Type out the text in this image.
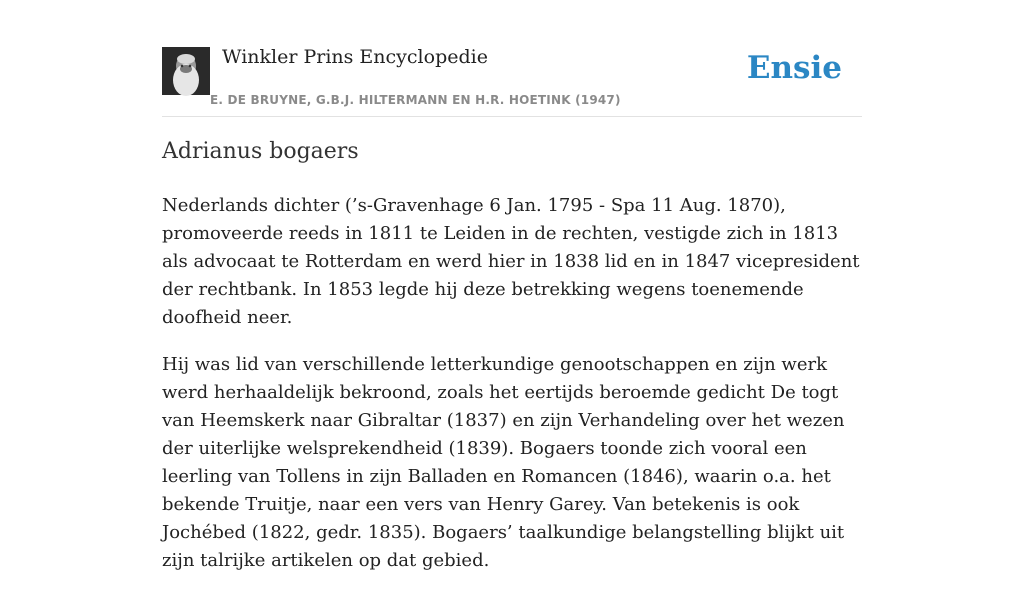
Winkler Prins Encyclopedie
E. DE BRUYNE, G.B.J. HILTERMANN EN H.R. HOETINK (1947)
Ensie
Adrianus bogaers

Nederlands dichter (’s-Gravenhage 6 Jan. 1795 - Spa 11 Aug. 1870), promoveerde reeds in 1811 te Leiden in de rechten, vestigde zich in 1813 als advocaat te Rotterdam en werd hier in 1838 lid en in 1847 vicepresident der rechtbank. In 1853 legde hij deze betrekking wegens toenemende doofheid neer.

Hij was lid van verschillende letterkundige genootschappen en zijn werk werd herhaaldelijk bekroond, zoals het eertijds beroemde gedicht De togt van Heemskerk naar Gibraltar (1837) en zijn Verhandeling over het wezen der uiterlijke welsprekendheid (1839). Bogaers toonde zich vooral een leerling van Tollens in zijn Balladen en Romancen (1846), waarin o.a. het bekende Truitje, naar een vers van Henry Garey. Van betekenis is ook Jochébed (1822, gedr. 1835). Bogaers’ taalkundige belangstelling blijkt uit zijn talrijke artikelen op dat gebied.
